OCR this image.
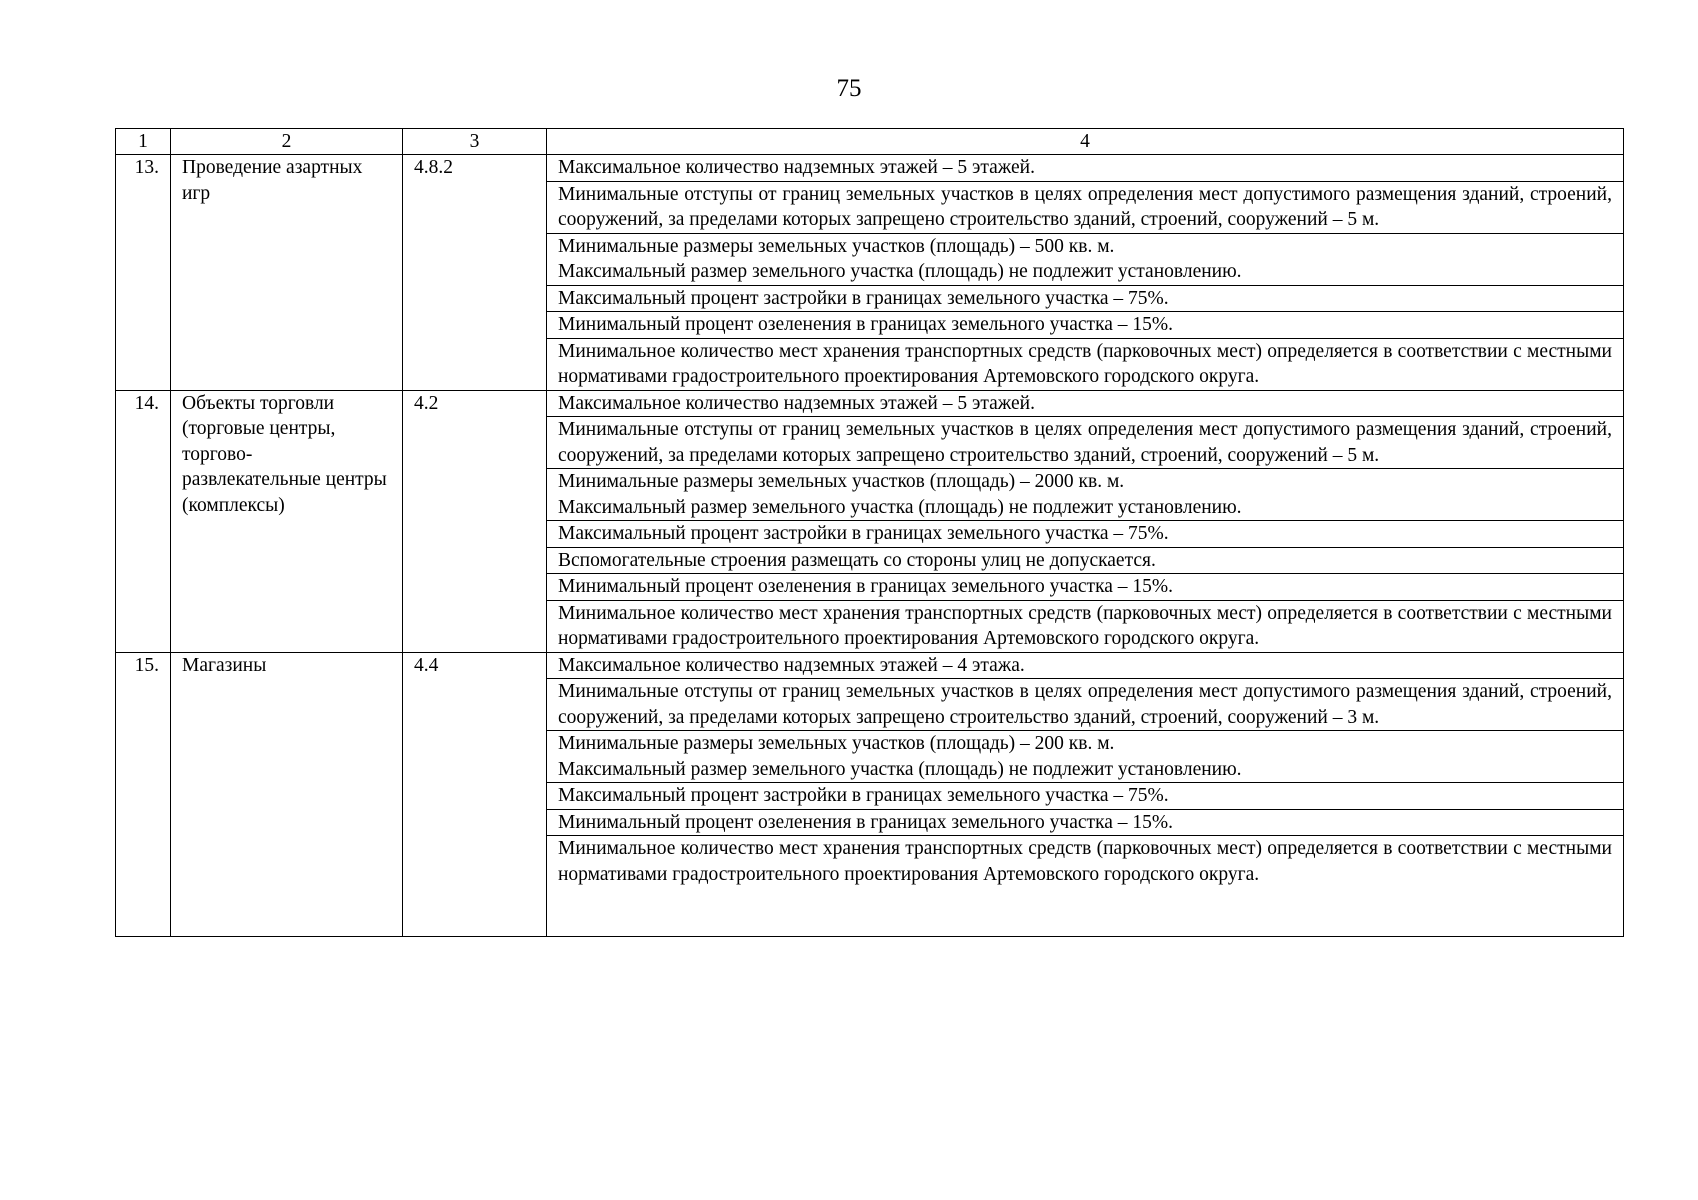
75
1	2	3	4
13.	Проведение азартных игр	4.8.2	Максимальное количество надземных этажей – 5 этажей.

			Минимальные отступы от границ земельных участков в целях определения мест допустимого размещения зданий, строений, сооружений, за пределами которых запрещено строительство зданий, строений, сооружений – 5 м.

			Минимальные размеры земельных участков (площадь) – 500 кв. м.
Максимальный размер земельного участка (площадь) не подлежит установлению.

			Максимальный процент застройки в границах земельного участка – 75%.

			Минимальный процент озеленения в границах земельного участка – 15%.

			Минимальное количество мест хранения транспортных средств (парковочных мест) определяется в соответствии с местными нормативами градостроительного проектирования Артемовского городского округа.

14.	Объекты торговли (торговые центры, торгово-развлекательные центры (комплексы)	4.2	Максимальное количество надземных этажей – 5 этажей.

			Минимальные отступы от границ земельных участков в целях определения мест допустимого размещения зданий, строений, сооружений, за пределами которых запрещено строительство зданий, строений, сооружений – 5 м.

			Минимальные размеры земельных участков (площадь) – 2000 кв. м.
Максимальный размер земельного участка (площадь) не подлежит установлению.

			Максимальный процент застройки в границах земельного участка – 75%.

			Вспомогательные строения размещать со стороны улиц не допускается.

			Минимальный процент озеленения в границах земельного участка – 15%.

			Минимальное количество мест хранения транспортных средств (парковочных мест) определяется в соответствии с местными нормативами градостроительного проектирования Артемовского городского округа.

15.	Магазины	4.4	Максимальное количество надземных этажей – 4 этажа.

			Минимальные отступы от границ земельных участков в целях определения мест допустимого размещения зданий, строений, сооружений, за пределами которых запрещено строительство зданий, строений, сооружений – 3 м.

			Минимальные размеры земельных участков (площадь) – 200 кв. м.
Максимальный размер земельного участка (площадь) не подлежит установлению.

			Максимальный процент застройки в границах земельного участка – 75%.

			Минимальный процент озеленения в границах земельного участка – 15%.

			Минимальное количество мест хранения транспортных средств (парковочных мест) определяется в соответствии с местными нормативами градостроительного проектирования Артемовского городского округа.
